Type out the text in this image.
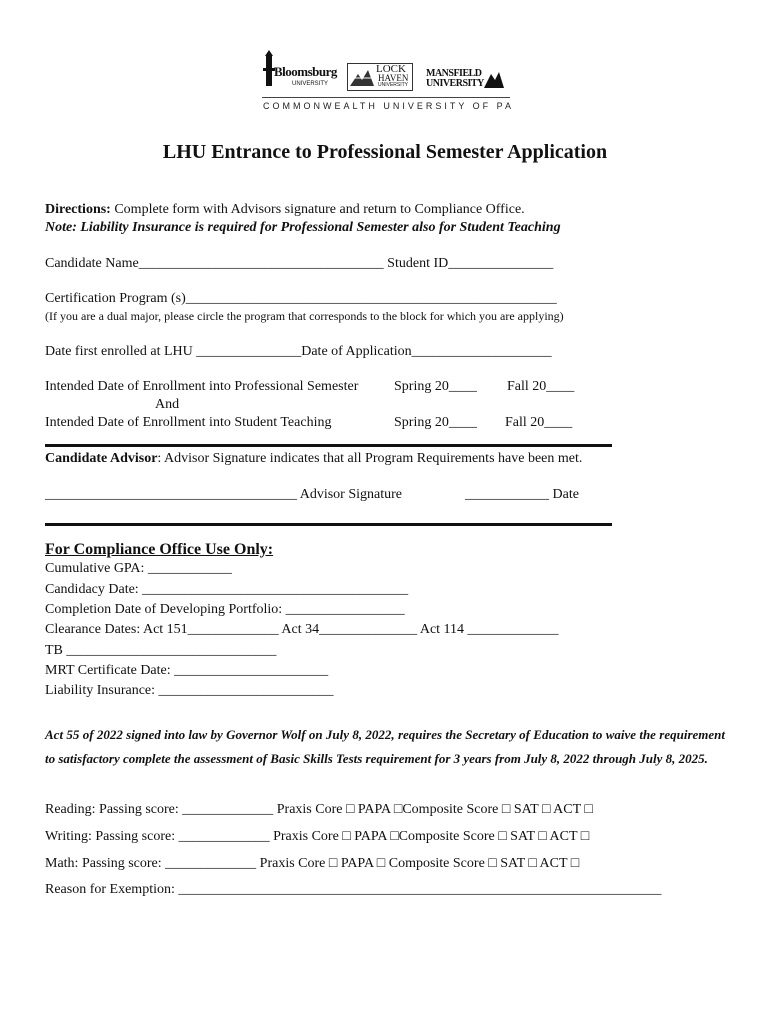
Bloomsburg
UNIVERSITY
LOCK
HAVEN
UNIVERSITY
MANSFIELD
UNIVERSITY
COMMONWEALTH UNIVERSITY OF PA
LHU Entrance to Professional Semester Application
Directions: Complete form with Advisors signature and return to Compliance Office.
Note: Liability Insurance is required for Professional Semester also for Student Teaching
Candidate Name___________________________________ Student ID_______________
Certification Program (s)_____________________________________________________
(If you are a dual major, please circle the program that corresponds to the block for which you are applying)
Date first enrolled at LHU _______________Date of Application____________________
Intended Date of Enrollment into Professional Semester	Spring 20____ Fall 20____
And
Intended Date of Enrollment into Student Teaching	Spring 20____ Fall 20____
Candidate Advisor: Advisor Signature indicates that all Program Requirements have been met.
____________________________________ Advisor Signature	____________ Date
For Compliance Office Use Only:
Cumulative GPA: ____________
Candidacy Date: ______________________________________
Completion Date of Developing Portfolio: _________________
Clearance Dates: Act 151_____________ Act 34______________ Act 114 _____________
TB ______________________________
MRT Certificate Date: ______________________
Liability Insurance: _________________________
Act 55 of 2022 signed into law by Governor Wolf on July 8, 2022, requires the Secretary of Education to waive the requirement to satisfactory complete the assessment of Basic Skills Tests requirement for 3 years from July 8, 2022 through July 8, 2025.
Reading: Passing score: _____________ Praxis Core □ PAPA □Composite Score □ SAT □ ACT □
Writing: Passing score: _____________ Praxis Core □ PAPA □Composite Score □ SAT □ ACT □
Math: Passing score: _____________ Praxis Core □ PAPA □ Composite Score □ SAT □ ACT □
Reason for Exemption: _____________________________________________________________________
